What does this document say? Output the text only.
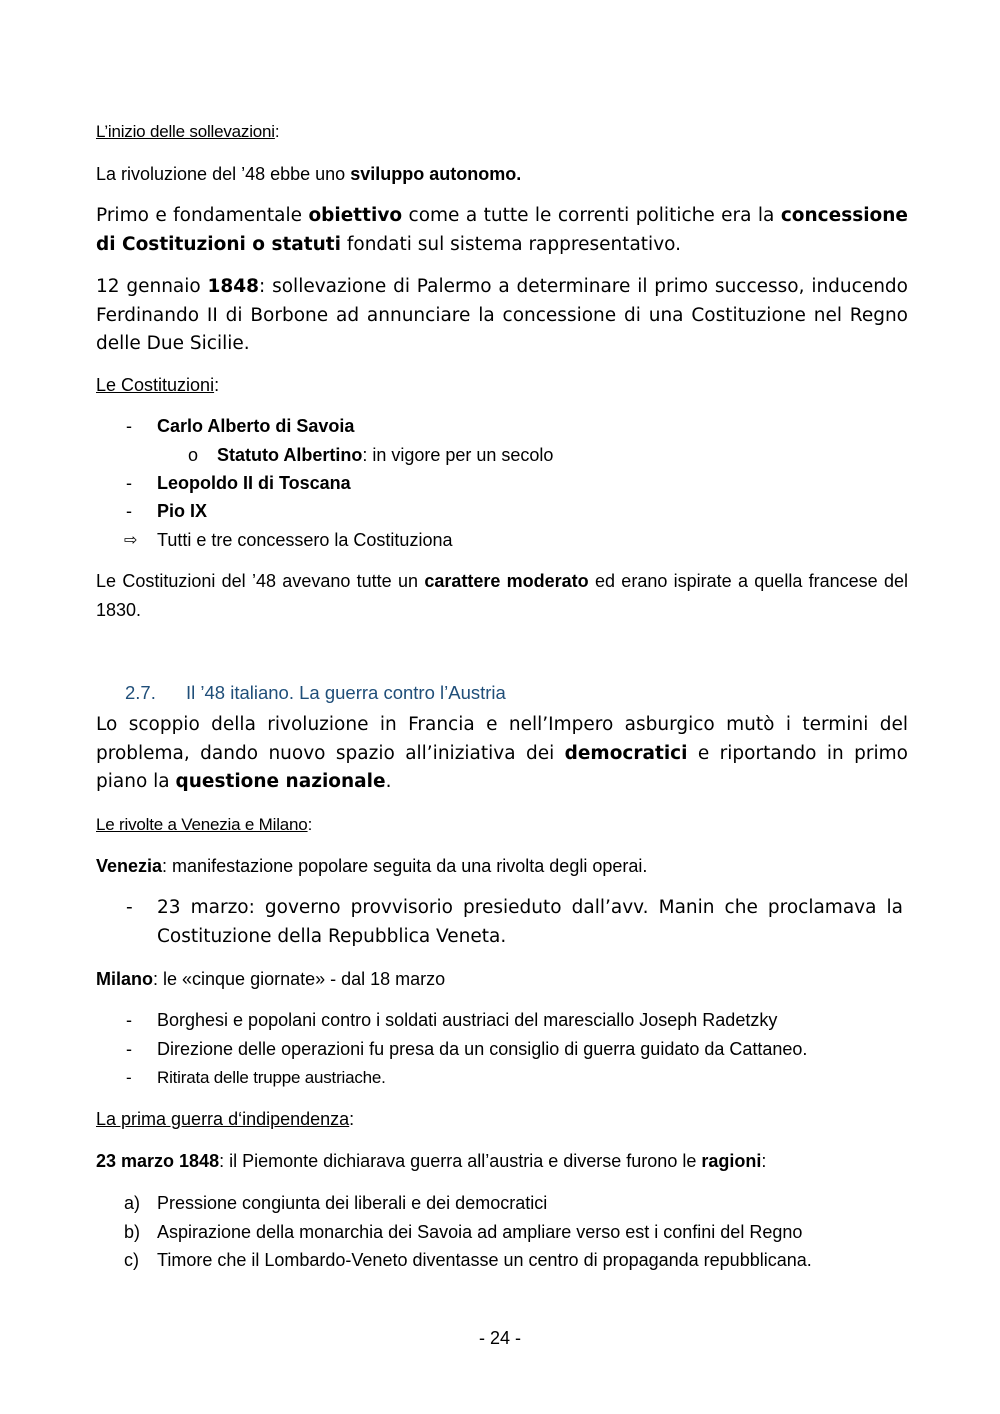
L’inizio delle sollevazioni:
La rivoluzione del ’48 ebbe uno sviluppo autonomo.
Primo e fondamentale obiettivo come a tutte le correnti politiche era la concessione di Costituzioni o statuti fondati sul sistema rappresentativo.
12 gennaio 1848: sollevazione di Palermo a determinare il primo successo, inducendo Ferdinando II di Borbone ad annunciare la concessione di una Costituzione nel Regno delle Due Sicilie.
Le Costituzioni:
-	Carlo Alberto di Savoia
o Statuto Albertino: in vigore per un secolo
-	Leopoldo II di Toscana
-	Pio IX
⇨ Tutti e tre concessero la Costituziona
Le Costituzioni del ’48 avevano tutte un carattere moderato ed erano ispirate a quella francese del 1830.
2.7. Il ’48 italiano. La guerra contro l’Austria
Lo scoppio della rivoluzione in Francia e nell’Impero asburgico mutò i termini del problema, dando nuovo spazio all’iniziativa dei democratici e riportando in primo piano la questione nazionale.
Le rivolte a Venezia e Milano:
Venezia: manifestazione popolare seguita da una rivolta degli operai.
-	23 marzo: governo provvisorio presieduto dall’avv. Manin che proclamava la Costituzione della Repubblica Veneta.
Milano: le «cinque giornate» - dal 18 marzo
-	Borghesi e popolani contro i soldati austriaci del maresciallo Joseph Radetzky
-	Direzione delle operazioni fu presa da un consiglio di guerra guidato da Cattaneo.
-	Ritirata delle truppe austriache.
La prima guerra d‘indipendenza:
23 marzo 1848: il Piemonte dichiarava guerra all’austria e diverse furono le ragioni:
a) Pressione congiunta dei liberali e dei democratici
b) Aspirazione della monarchia dei Savoia ad ampliare verso est i confini del Regno
c) Timore che il Lombardo-Veneto diventasse un centro di propaganda repubblicana.
- 24 -
